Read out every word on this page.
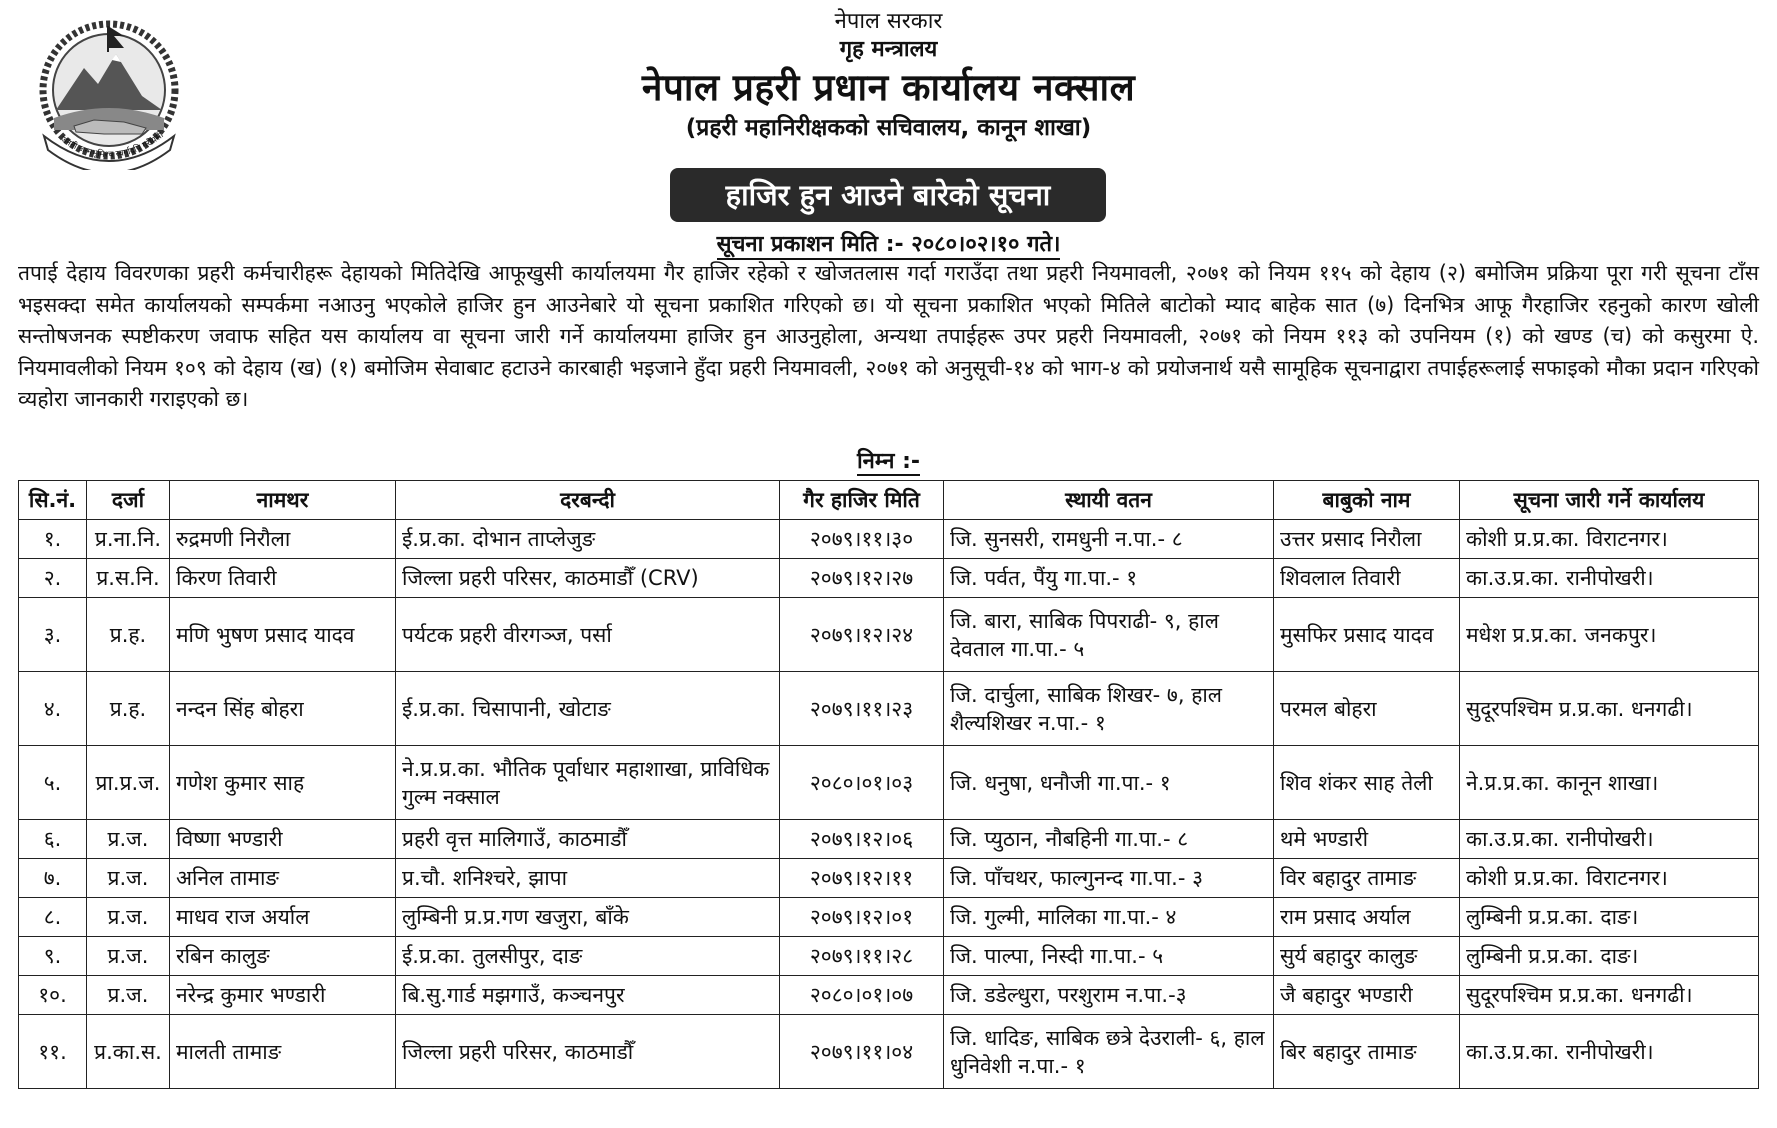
जननी जन्मभूमिश्च स्वर्गादपि गरीयसी
नेपाल सरकार
गृह मन्त्रालय
नेपाल प्रहरी प्रधान कार्यालय नक्साल
(प्रहरी महानिरीक्षकको सचिवालय, कानून शाखा)
हाजिर हुन आउने बारेको सूचना
सूचना प्रकाशन मिति :- २०८०।०२।१० गते।
तपाई देहाय विवरणका प्रहरी कर्मचारीहरू देहायको मितिदेखि आफूखुसी कार्यालयमा गैर हाजिर रहेको र खोजतलास गर्दा गराउँदा तथा प्रहरी नियमावली, २०७१ को नियम ११५ को देहाय (२) बमोजिम प्रक्रिया पूरा गरी सूचना टाँस भइसक्दा समेत कार्यालयको सम्पर्कमा नआउनु भएकोले हाजिर हुन आउनेबारे यो सूचना प्रकाशित गरिएको छ। यो सूचना प्रकाशित भएको मितिले बाटोको म्याद बाहेक सात (७) दिनभित्र आफू गैरहाजिर रहनुको कारण खोली सन्तोषजनक स्पष्टीकरण जवाफ सहित यस कार्यालय वा सूचना जारी गर्ने कार्यालयमा हाजिर हुन आउनुहोला, अन्यथा तपाईहरू उपर प्रहरी नियमावली, २०७१ को नियम ११३ को उपनियम (१) को खण्ड (च) को कसुरमा ऐ. नियमावलीको नियम १०९ को देहाय (ख) (१) बमोजिम सेवाबाट हटाउने कारबाही भइजाने हुँदा प्रहरी नियमावली, २०७१ को अनुसूची-१४ को भाग-४ को प्रयोजनार्थ यसै सामूहिक सूचनाद्वारा तपाईहरूलाई सफाइको मौका प्रदान गरिएको व्यहोरा जानकारी गराइएको छ।
निम्न :-
सि.नं.	दर्जा	नामथर	दरबन्दी	गैर हाजिर मिति	स्थायी वतन	बाबुको नाम	सूचना जारी गर्ने कार्यालय
१.	प्र.ना.नि.	रुद्रमणी निरौला	ई.प्र.का. दोभान ताप्लेजुङ	२०७९।११।३०	जि. सुनसरी, रामधुनी न.पा.- ८	उत्तर प्रसाद निरौला	कोशी प्र.प्र.का. विराटनगर।
२.	प्र.स.नि.	किरण तिवारी	जिल्ला प्रहरी परिसर, काठमाडौँ (CRV)	२०७९।१२।२७	जि. पर्वत, पैंयु गा.पा.- १	शिवलाल तिवारी	का.उ.प्र.का. रानीपोखरी।
३.	प्र.ह.	मणि भुषण प्रसाद यादव	पर्यटक प्रहरी वीरगञ्ज, पर्सा	२०७९।१२।२४	जि. बारा, साबिक पिपराढी- ९, हाल देवताल गा.पा.- ५	मुसफिर प्रसाद यादव	मधेश प्र.प्र.का. जनकपुर।
४.	प्र.ह.	नन्दन सिंह बोहरा	ई.प्र.का. चिसापानी, खोटाङ	२०७९।११।२३	जि. दार्चुला, साबिक शिखर- ७, हाल शैल्यशिखर न.पा.- १	परमल बोहरा	सुदूरपश्चिम प्र.प्र.का. धनगढी।
५.	प्रा.प्र.ज.	गणेश कुमार साह	ने.प्र.प्र.का. भौतिक पूर्वाधार महाशाखा, प्राविधिक गुल्म नक्साल	२०८०।०१।०३	जि. धनुषा, धनौजी गा.पा.- १	शिव शंकर साह तेली	ने.प्र.प्र.का. कानून शाखा।
६.	प्र.ज.	विष्णा भण्डारी	प्रहरी वृत्त मालिगाउँ, काठमाडौँ	२०७९।१२।०६	जि. प्युठान, नौबहिनी गा.पा.- ८	थमे भण्डारी	का.उ.प्र.का. रानीपोखरी।
७.	प्र.ज.	अनिल तामाङ	प्र.चौ. शनिश्चरे, झापा	२०७९।१२।११	जि. पाँचथर, फाल्गुनन्द गा.पा.- ३	विर बहादुर तामाङ	कोशी प्र.प्र.का. विराटनगर।
८.	प्र.ज.	माधव राज अर्याल	लुम्बिनी प्र.प्र.गण खजुरा, बाँके	२०७९।१२।०१	जि. गुल्मी, मालिका गा.पा.- ४	राम प्रसाद अर्याल	लुम्बिनी प्र.प्र.का. दाङ।
९.	प्र.ज.	रबिन कालुङ	ई.प्र.का. तुलसीपुर, दाङ	२०७९।११।२८	जि. पाल्पा, निस्दी गा.पा.- ५	सुर्य बहादुर कालुङ	लुम्बिनी प्र.प्र.का. दाङ।
१०.	प्र.ज.	नरेन्द्र कुमार भण्डारी	बि.सु.गार्ड मझगाउँ, कञ्चनपुर	२०८०।०१।०७	जि. डडेल्धुरा, परशुराम न.पा.-३	जै बहादुर भण्डारी	सुदूरपश्चिम प्र.प्र.का. धनगढी।
११.	प्र.का.स.	मालती तामाङ	जिल्ला प्रहरी परिसर, काठमाडौँ	२०७९।११।०४	जि. धादिङ, साबिक छत्रे देउराली- ६, हाल धुनिवेशी न.पा.- १	बिर बहादुर तामाङ	का.उ.प्र.का. रानीपोखरी।
